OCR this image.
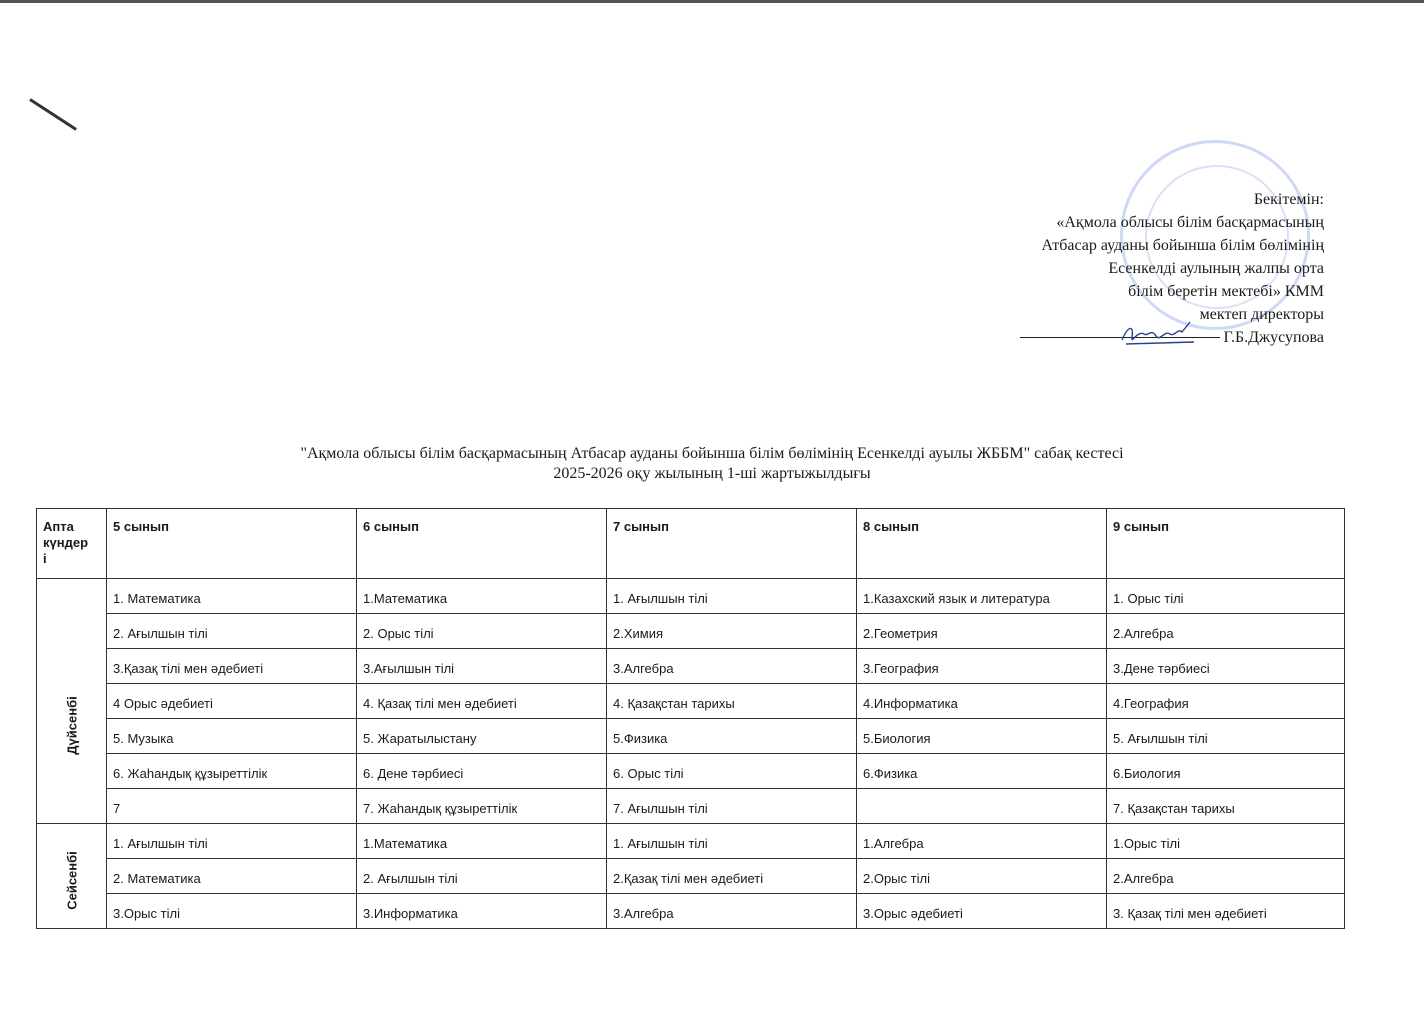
Бекітемін:
«Ақмола облысы білім басқармасының
Атбасар ауданы бойынша білім бөлімінің
Есенкелді аулының жалпы орта
білім беретін мектебі» КММ
мектеп директоры
Г.Б.Джусупова
"Ақмола облысы білім басқармасының Атбасар ауданы бойынша білім бөлімінің Есенкелді ауылы ЖББМ" сабақ кестесі
2025-2026 оқу жылының 1-ші жартыжылдығы
Апта
күндер
і	5 сынып	6 сынып	7 сынып	8 сынып	9 сынып

Дүйсенбі	1. Математика	1.Математика	1. Ағылшын тілі	1.Казахский язык и литература	1. Орыс тілі
	2. Ағылшын тілі	2. Орыс тілі	2.Химия	2.Геометрия	2.Алгебра
	3.Қазақ тілі мен әдебиеті	3.Ағылшын тілі	3.Алгебра	3.География	3.Дене тәрбиесі
	4 Орыс әдебиеті	4. Қазақ тілі мен әдебиеті	4. Қазақстан тарихы	4.Информатика	4.География
	5. Музыка	5. Жаратылыстану	5.Физика	5.Биология	5. Ағылшын тілі
	6. Жаһандық құзыреттілік	6. Дене тәрбиесі	6. Орыс тілі	6.Физика	6.Биология
	7	7. Жаһандық құзыреттілік	7. Ағылшын тілі		7. Қазақстан тарихы

Сейсенбі	1. Ағылшын тілі	1.Математика	1. Ағылшын тілі	1.Алгебра	1.Орыс тілі
	2. Математика	2. Ағылшын тілі	2.Қазақ тілі мен әдебиеті	2.Орыс тілі	2.Алгебра
	3.Орыс тілі	3.Информатика	3.Алгебра	3.Орыс әдебиеті	3. Қазақ тілі мен әдебиеті
